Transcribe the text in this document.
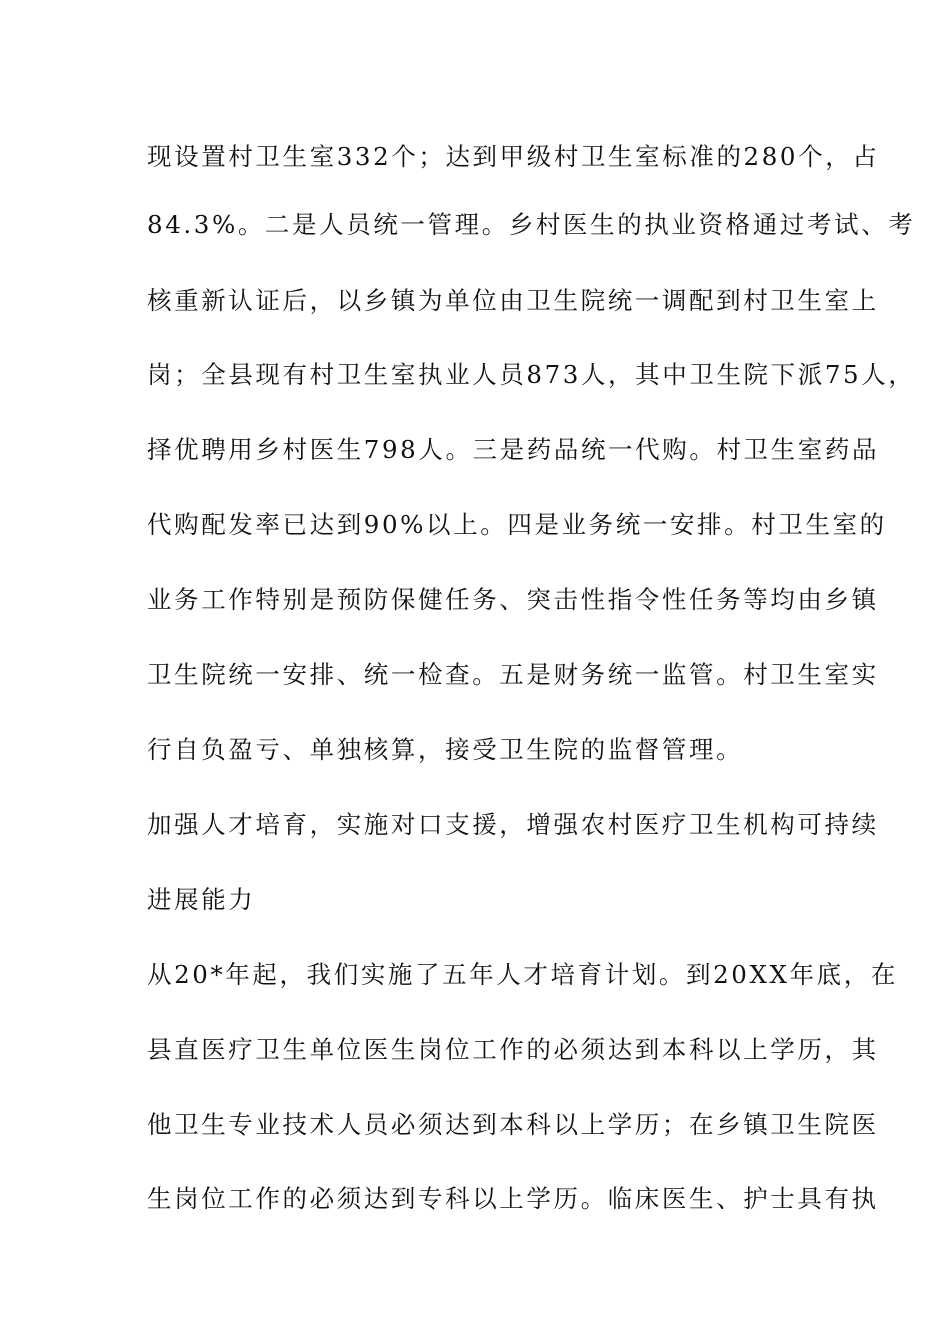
现设置村卫生室332个；达到甲级村卫生室标准的280个，占
84.3%。二是人员统一管理。乡村医生的执业资格通过考试、考
核重新认证后，以乡镇为单位由卫生院统一调配到村卫生室上
岗；全县现有村卫生室执业人员873人，其中卫生院下派75人，
择优聘用乡村医生798人。三是药品统一代购。村卫生室药品
代购配发率已达到90%以上。四是业务统一安排。村卫生室的
业务工作特别是预防保健任务、突击性指令性任务等均由乡镇
卫生院统一安排、统一检查。五是财务统一监管。村卫生室实
行自负盈亏、单独核算，接受卫生院的监督管理。
加强人才培育，实施对口支援，增强农村医疗卫生机构可持续
进展能力
从20*年起，我们实施了五年人才培育计划。到20XX年底，在
县直医疗卫生单位医生岗位工作的必须达到本科以上学历，其
他卫生专业技术人员必须达到本科以上学历；在乡镇卫生院医
生岗位工作的必须达到专科以上学历。临床医生、护士具有执
